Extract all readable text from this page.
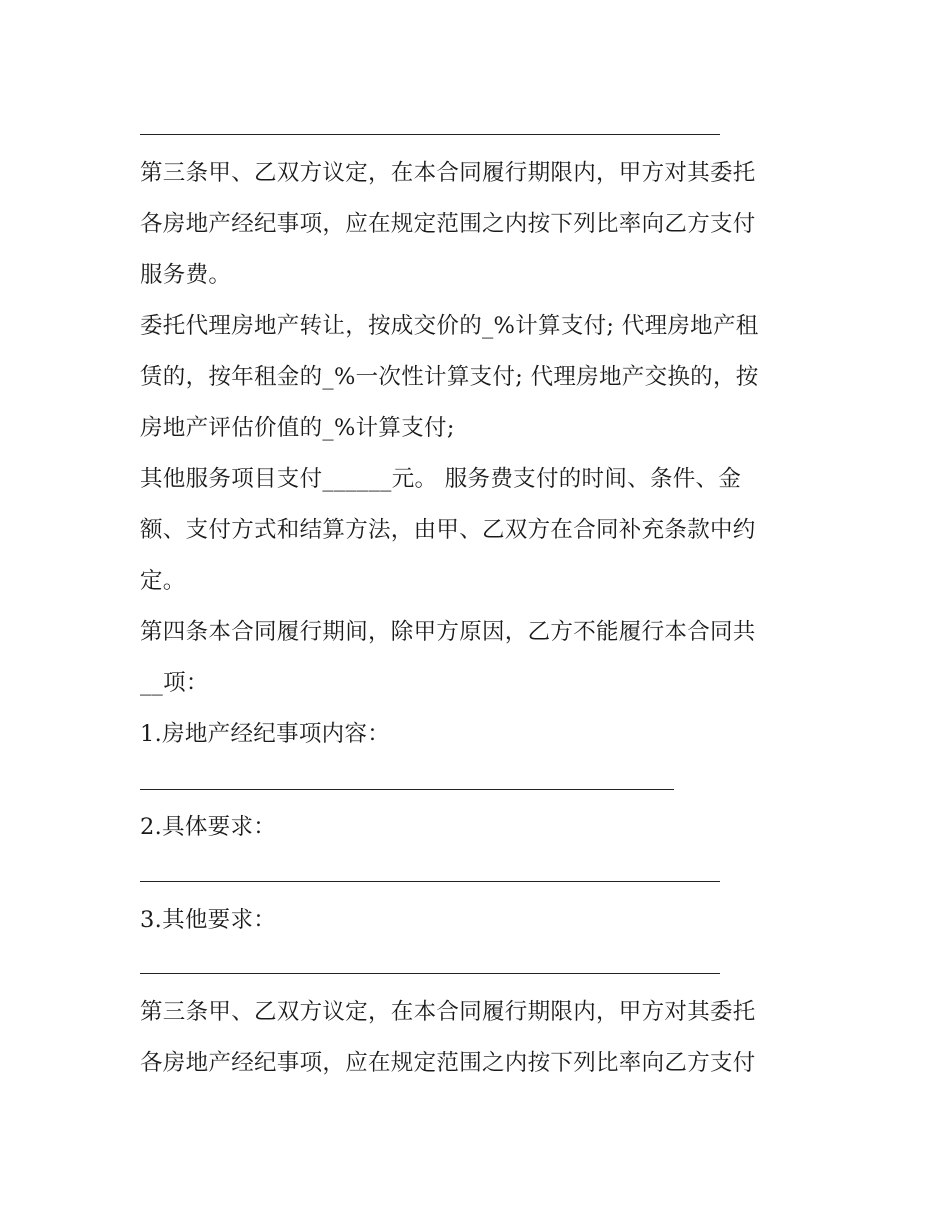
第三条甲、乙双方议定，在本合同履行期限内，甲方对其委托
各房地产经纪事项，应在规定范围之内按下列比率向乙方支付
服务费。
委托代理房地产转让，按成交价的_%计算支付; 代理房地产租
赁的，按年租金的_%一次性计算支付; 代理房地产交换的，按
房地产评估价值的_%计算支付;
其他服务项目支付______元。 服务费支付的时间、条件、金
额、支付方式和结算方法，由甲、乙双方在合同补充条款中约
定。
第四条本合同履行期间，除甲方原因，乙方不能履行本合同共
__项：
1.房地产经纪事项内容：
2.具体要求：
3.其他要求：
第三条甲、乙双方议定，在本合同履行期限内，甲方对其委托
各房地产经纪事项，应在规定范围之内按下列比率向乙方支付
